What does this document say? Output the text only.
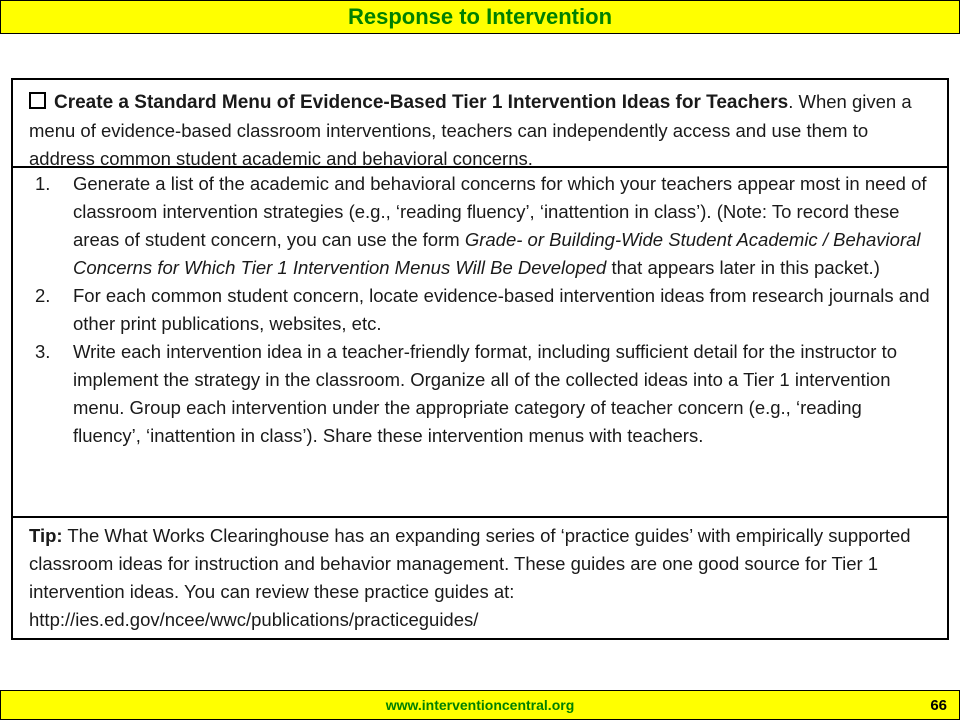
Response to Intervention
Create a Standard Menu of Evidence-Based Tier 1 Intervention Ideas for Teachers. When given a menu of evidence-based classroom interventions, teachers can independently access and use them to address common student academic and behavioral concerns.
1.	Generate a list of the academic and behavioral concerns for which your teachers appear most in need of classroom intervention strategies (e.g., ‘reading fluency’, ‘inattention in class’). (Note: To record these areas of student concern, you can use the form Grade- or Building-Wide Student Academic / Behavioral Concerns for Which Tier 1 Intervention Menus Will Be Developed that appears later in this packet.)
2.	For each common student concern, locate evidence-based intervention ideas from research journals and other print publications, websites, etc.
3.	Write each intervention idea in a teacher-friendly format, including sufficient detail for the instructor to implement the strategy in the classroom. Organize all of the collected ideas into a Tier 1 intervention menu. Group each intervention under the appropriate category of teacher concern (e.g., ‘reading fluency’, ‘inattention in class’). Share these intervention menus with teachers.
Tip: The What Works Clearinghouse has an expanding series of ‘practice guides’ with empirically supported classroom ideas for instruction and behavior management. These guides are one good source for Tier 1 intervention ideas. You can review these practice guides at: http://ies.ed.gov/ncee/wwc/publications/practiceguides/
www.interventioncentral.org	66
